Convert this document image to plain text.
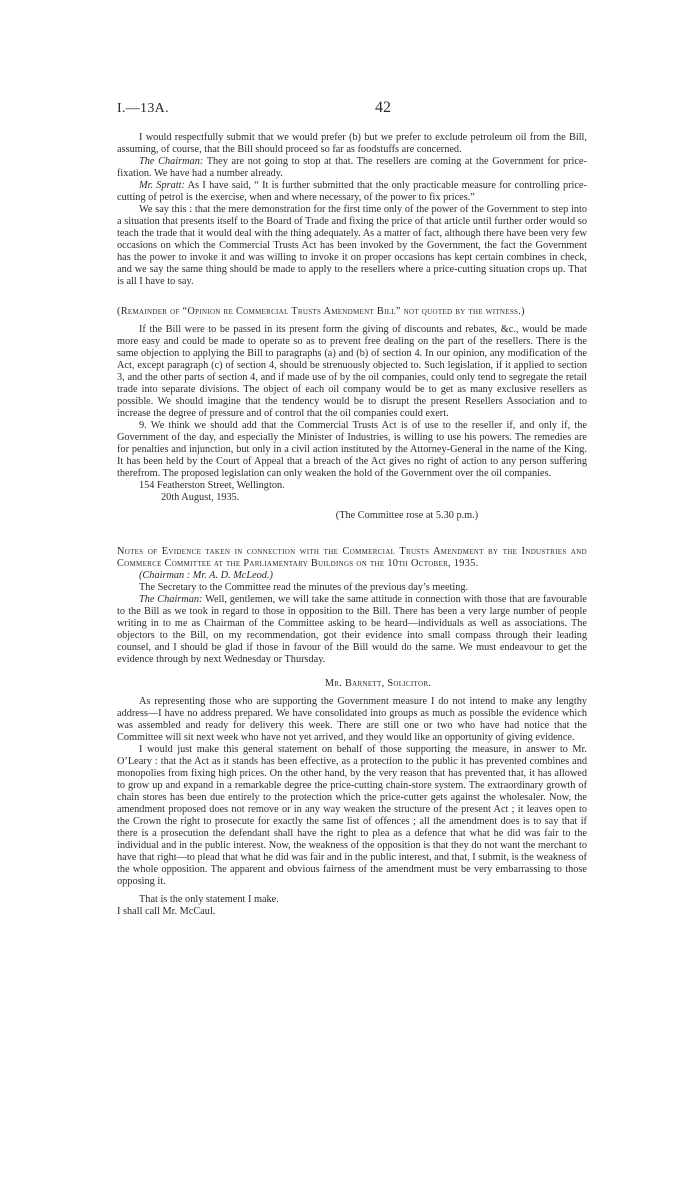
I.—13A.	42

I would respectfully submit that we would prefer (b) but we prefer to exclude petroleum oil from the Bill, assuming, of course, that the Bill should proceed so far as foodstuffs are concerned.

The Chairman: They are not going to stop at that. The resellers are coming at the Government for price-fixation. We have had a number already.

Mr. Spratt: As I have said, “ It is further submitted that the only practicable measure for controlling price-cutting of petrol is the exercise, when and where necessary, of the power to fix prices.”

We say this : that the mere demonstration for the first time only of the power of the Government to step into a situation that presents itself to the Board of Trade and fixing the price of that article until further order would so teach the trade that it would deal with the thing adequately. As a matter of fact, although there have been very few occasions on which the Commercial Trusts Act has been invoked by the Government, the fact the Government has the power to invoke it and was willing to invoke it on proper occasions has kept certain combines in check, and we say the same thing should be made to apply to the resellers where a price-cutting situation crops up. That is all I have to say.

(Remainder of “Opinion re Commercial Trusts Amendment Bill” not quoted by the witness.)

If the Bill were to be passed in its present form the giving of discounts and rebates, &c., would be made more easy and could be made to operate so as to prevent free dealing on the part of the resellers. There is the same objection to applying the Bill to paragraphs (a) and (b) of section 4. In our opinion, any modification of the Act, except paragraph (c) of section 4, should be strenuously objected to. Such legislation, if it applied to section 3, and the other parts of section 4, and if made use of by the oil companies, could only tend to segregate the retail trade into separate divisions. The object of each oil company would be to get as many exclusive resellers as possible. We should imagine that the tendency would be to disrupt the present Resellers Association and to increase the degree of pressure and of control that the oil companies could exert.

9. We think we should add that the Commercial Trusts Act is of use to the reseller if, and only if, the Government of the day, and especially the Minister of Industries, is willing to use his powers. The remedies are for penalties and injunction, but only in a civil action instituted by the Attorney-General in the name of the King. It has been held by the Court of Appeal that a breach of the Act gives no right of action to any person suffering therefrom. The proposed legislation can only weaken the hold of the Government over the oil companies.

154 Featherston Street, Wellington.

20th August, 1935.

(The Committee rose at 5.30 p.m.)

Notes of Evidence taken in connection with the Commercial Trusts Amendment by the Industries and Commerce Committee at the Parliamentary Buildings on the 10th October, 1935.

(Chairman : Mr. A. D. McLeod.)

The Secretary to the Committee read the minutes of the previous day’s meeting.

The Chairman: Well, gentlemen, we will take the same attitude in connection with those that are favourable to the Bill as we took in regard to those in opposition to the Bill. There has been a very large number of people writing in to me as Chairman of the Committee asking to be heard—individuals as well as associations. The objectors to the Bill, on my recommendation, got their evidence into small compass through their leading counsel, and I should be glad if those in favour of the Bill would do the same. We must endeavour to get the evidence through by next Wednesday or Thursday.

Mr. Barnett, Solicitor.

As representing those who are supporting the Government measure I do not intend to make any lengthy address—I have no address prepared. We have consolidated into groups as much as possible the evidence which was assembled and ready for delivery this week. There are still one or two who have had notice that the Committee will sit next week who have not yet arrived, and they would like an opportunity of giving evidence.

I would just make this general statement on behalf of those supporting the measure, in answer to Mr. O’Leary : that the Act as it stands has been effective, as a protection to the public it has prevented combines and monopolies from fixing high prices. On the other hand, by the very reason that has prevented that, it has allowed to grow up and expand in a remarkable degree the price-cutting chain-store system. The extraordinary growth of chain stores has been due entirely to the protection which the price-cutter gets against the wholesaler. Now, the amendment proposed does not remove or in any way weaken the structure of the present Act ; it leaves open to the Crown the right to prosecute for exactly the same list of offences ; all the amendment does is to say that if there is a prosecution the defendant shall have the right to plea as a defence that what he did was fair to the individual and in the public interest. Now, the weakness of the opposition is that they do not want the merchant to have that right—to plead that what he did was fair and in the public interest, and that, I submit, is the weakness of the whole opposition. The apparent and obvious fairness of the amendment must be very embarrassing to those opposing it.

That is the only statement I make.

I shall call Mr. McCaul.
